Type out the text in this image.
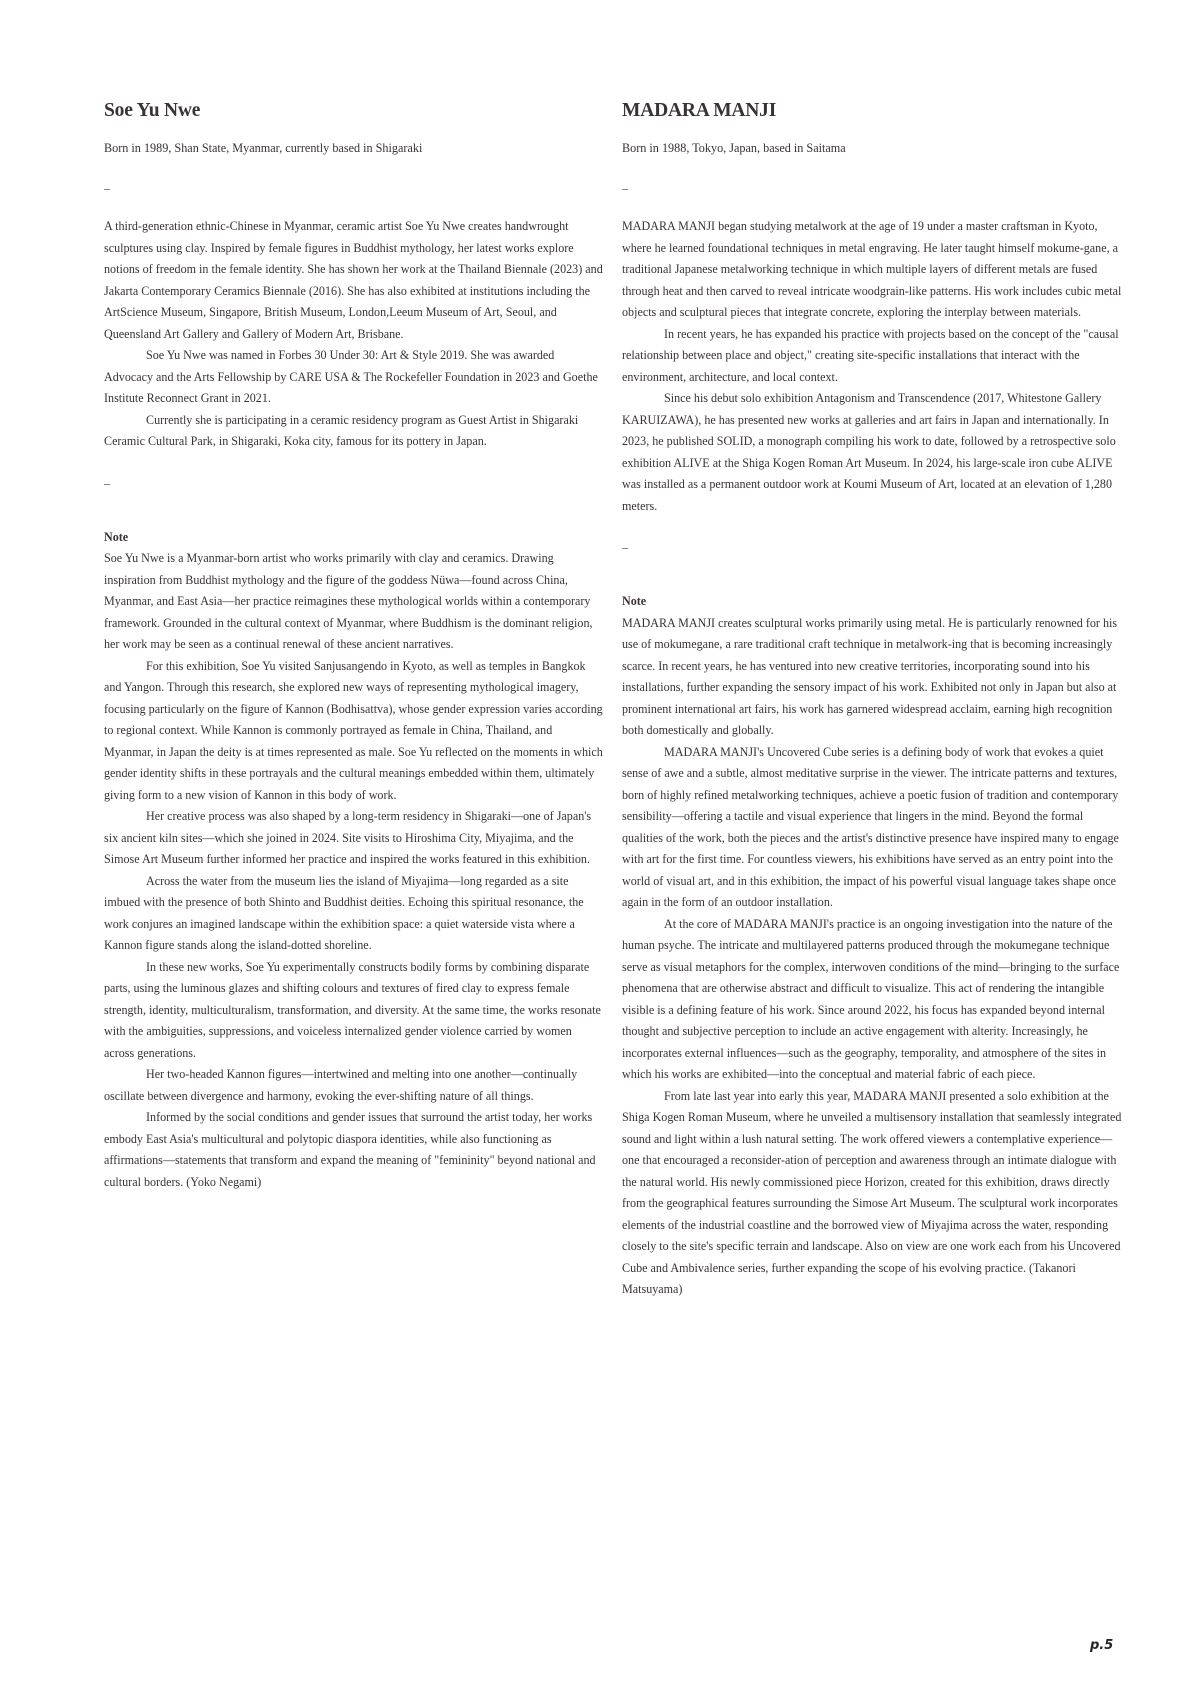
Soe Yu Nwe

Born in 1989, Shan State, Myanmar, currently based in Shigaraki

–

A third-generation ethnic-Chinese in Myanmar, ceramic artist Soe Yu Nwe creates handwrought sculptures using clay. Inspired by female figures in Buddhist mythology, her latest works explore notions of freedom in the female identity. She has shown her work at the Thailand Biennale (2023) and Jakarta Contemporary Ceramics Biennale (2016). She has also exhibited at institutions including the ArtScience Museum, Singapore, British Museum, London,Leeum Museum of Art, Seoul, and Queensland Art Gallery and Gallery of Modern Art, Brisbane.

Soe Yu Nwe was named in Forbes 30 Under 30: Art & Style 2019. She was awarded Advocacy and the Arts Fellowship by CARE USA & The Rockefeller Foundation in 2023 and Goethe Institute Reconnect Grant in 2021.

Currently she is participating in a ceramic residency program as Guest Artist in Shigaraki Ceramic Cultural Park, in Shigaraki, Koka city, famous for its pottery in Japan.

–

Note

Soe Yu Nwe is a Myanmar-born artist who works primarily with clay and ceramics. Drawing inspiration from Buddhist mythology and the figure of the goddess Nüwa—found across China, Myanmar, and East Asia—her practice reimagines these mythological worlds within a contemporary framework. Grounded in the cultural context of Myanmar, where Buddhism is the dominant religion, her work may be seen as a continual renewal of these ancient narratives.

For this exhibition, Soe Yu visited Sanjusangendo in Kyoto, as well as temples in Bangkok and Yangon. Through this research, she explored new ways of representing mythological imagery, focusing particularly on the figure of Kannon (Bodhisattva), whose gender expression varies according to regional context. While Kannon is commonly portrayed as female in China, Thailand, and Myanmar, in Japan the deity is at times represented as male. Soe Yu reflected on the moments in which gender identity shifts in these portrayals and the cultural meanings embedded within them, ultimately giving form to a new vision of Kannon in this body of work.

Her creative process was also shaped by a long-term residency in Shigaraki—one of Japan's six ancient kiln sites—which she joined in 2024. Site visits to Hiroshima City, Miyajima, and the Simose Art Museum further informed her practice and inspired the works featured in this exhibition.

Across the water from the museum lies the island of Miyajima—long regarded as a site imbued with the presence of both Shinto and Buddhist deities. Echoing this spiritual resonance, the work conjures an imagined landscape within the exhibition space: a quiet waterside vista where a Kannon figure stands along the island-dotted shoreline.

In these new works, Soe Yu experimentally constructs bodily forms by combining disparate parts, using the luminous glazes and shifting colours and textures of fired clay to express female strength, identity, multiculturalism, transformation, and diversity. At the same time, the works resonate with the ambiguities, suppressions, and voiceless internalized gender violence carried by women across generations.

Her two-headed Kannon figures—intertwined and melting into one another—continually oscillate between divergence and harmony, evoking the ever-shifting nature of all things.

Informed by the social conditions and gender issues that surround the artist today, her works embody East Asia's multicultural and polytopic diaspora identities, while also functioning as affirmations—statements that transform and expand the meaning of "femininity" beyond national and cultural borders. (Yoko Negami)

MADARA MANJI

Born in 1988, Tokyo, Japan, based in Saitama

–

MADARA MANJI began studying metalwork at the age of 19 under a master craftsman in Kyoto, where he learned foundational techniques in metal engraving. He later taught himself mokume-gane, a traditional Japanese metalworking technique in which multiple layers of different metals are fused through heat and then carved to reveal intricate woodgrain-like patterns. His work includes cubic metal objects and sculptural pieces that integrate concrete, exploring the interplay between materials.

In recent years, he has expanded his practice with projects based on the concept of the "causal relationship between place and object," creating site-specific installations that interact with the environment, architecture, and local context.

Since his debut solo exhibition Antagonism and Transcendence (2017, Whitestone Gallery KARUIZAWA), he has presented new works at galleries and art fairs in Japan and internationally. In 2023, he published SOLID, a monograph compiling his work to date, followed by a retrospective solo exhibition ALIVE at the Shiga Kogen Roman Art Museum. In 2024, his large-scale iron cube ALIVE was installed as a permanent outdoor work at Koumi Museum of Art, located at an elevation of 1,280 meters.

–

Note

MADARA MANJI creates sculptural works primarily using metal. He is particularly renowned for his use of mokumegane, a rare traditional craft technique in metalwork-ing that is becoming increasingly scarce. In recent years, he has ventured into new creative territories, incorporating sound into his installations, further expanding the sensory impact of his work. Exhibited not only in Japan but also at prominent international art fairs, his work has garnered widespread acclaim, earning high recognition both domestically and globally.

MADARA MANJI's Uncovered Cube series is a defining body of work that evokes a quiet sense of awe and a subtle, almost meditative surprise in the viewer. The intricate patterns and textures, born of highly refined metalworking techniques, achieve a poetic fusion of tradition and contemporary sensibility—offering a tactile and visual experience that lingers in the mind. Beyond the formal qualities of the work, both the pieces and the artist's distinctive presence have inspired many to engage with art for the first time. For countless viewers, his exhibitions have served as an entry point into the world of visual art, and in this exhibition, the impact of his powerful visual language takes shape once again in the form of an outdoor installation.

At the core of MADARA MANJI's practice is an ongoing investigation into the nature of the human psyche. The intricate and multilayered patterns produced through the mokumegane technique serve as visual metaphors for the complex, interwoven conditions of the mind—bringing to the surface phenomena that are otherwise abstract and difficult to visualize. This act of rendering the intangible visible is a defining feature of his work. Since around 2022, his focus has expanded beyond internal thought and subjective perception to include an active engagement with alterity. Increasingly, he incorporates external influences—such as the geography, temporality, and atmosphere of the sites in which his works are exhibited—into the conceptual and material fabric of each piece.

From late last year into early this year, MADARA MANJI presented a solo exhibition at the Shiga Kogen Roman Museum, where he unveiled a multisensory installation that seamlessly integrated sound and light within a lush natural setting. The work offered viewers a contemplative experience—one that encouraged a reconsider-ation of perception and awareness through an intimate dialogue with the natural world. His newly commissioned piece Horizon, created for this exhibition, draws directly from the geographical features surrounding the Simose Art Museum. The sculptural work incorporates elements of the industrial coastline and the borrowed view of Miyajima across the water, responding closely to the site's specific terrain and landscape. Also on view are one work each from his Uncovered Cube and Ambivalence series, further expanding the scope of his evolving practice. (Takanori Matsuyama)

p.5
